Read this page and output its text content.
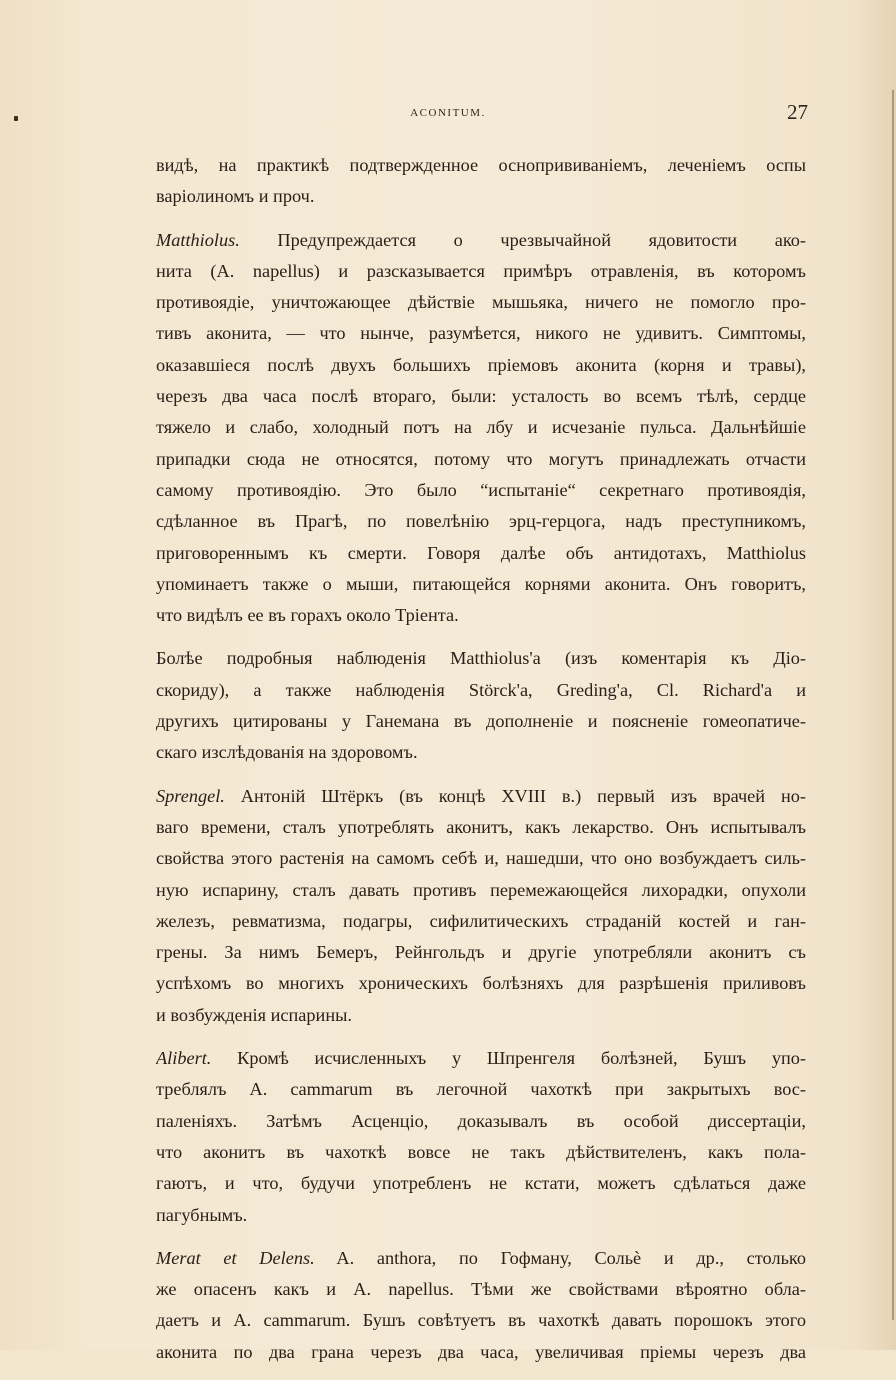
ACONITUM.	27
видѣ, на практикѣ подтвержденное оснопрививанiемъ, леченiемъ оспы
варiолиномъ и проч.
Matthiolus. Предупреждается о чрезвычайной ядовитости ако-
нита (A. napellus) и разсказывается примѣръ отравленiя, въ которомъ
противоядiе, уничтожающее дѣйствiе мышьяка, ничего не помогло про-
тивъ аконита, — что нынче, разумѣется, никого не удивитъ. Симптомы,
оказавшiеся послѣ двухъ большихъ прiемовъ аконита (корня и травы),
черезъ два часа послѣ втораго, были: усталость во всемъ тѣлѣ, сердце
тяжело и слабо, холодный потъ на лбу и исчезанiе пульса. Дальнѣйшiе
припадки сюда не относятся, потому что могутъ принадлежать отчасти
самому противоядiю. Это было “испытанiе“ секретнаго противоядiя,
сдѣланное въ Прагѣ, по повелѣнiю эрц-герцога, надъ преступникомъ,
приговореннымъ къ смерти. Говоря далѣе объ антидотахъ, Matthiolus
упоминаетъ также о мыши, питающейся корнями аконита. Онъ говоритъ,
что видѣлъ ее въ горахъ около Трiента.
Болѣе подробныя наблюденiя Matthiolus'а (изъ коментарiя къ Дiо-
скориду), а также наблюденiя Störck'а, Greding'а, Cl. Richard'а и
другихъ цитированы у Ганемана въ дополненiе и поясненiе гомеопатиче-
скаго изслѣдованiя на здоровомъ.
Sprengel. Антонiй Штёркъ (въ концѣ XVIII в.) первый изъ врачей но-
ваго времени, сталъ употреблять аконитъ, какъ лекарство. Онъ испытывалъ
свойства этого растенiя на самомъ себѣ и, нашедши, что оно возбуждаетъ силь-
ную испарину, сталъ давать противъ перемежающейся лихорадки, опухоли
железъ, ревматизма, подагры, сифилитическихъ страданiй костей и ган-
грены. За нимъ Бемеръ, Рейнгольдъ и другiе употребляли аконитъ съ
успѣхомъ во многихъ хроническихъ болѣзняхъ для разрѣшенiя приливовъ
и возбужденiя испарины.
Alibert. Кромѣ исчисленныхъ у Шпренгеля болѣзней, Бушъ упо-
треблялъ A. cammarum въ легочной чахоткѣ при закрытыхъ вос-
паленiяхъ. Затѣмъ Асценцiо, доказывалъ въ особой диссертацiи,
что аконитъ въ чахоткѣ вовсе не такъ дѣйствителенъ, какъ пола-
гаютъ, и что, будучи употребленъ не кстати, можетъ сдѣлаться даже
пагубнымъ.
Merat et Delens. A. anthora, по Гофману, Сольѐ и др., столько
же опасенъ какъ и A. napellus. Тѣми же свойствами вѣроятно обла-
даетъ и A. cammarum. Бушъ совѣтуетъ въ чахоткѣ давать порошокъ этого
аконита по два грана черезъ два часа, увеличивая прiемы черезъ два
